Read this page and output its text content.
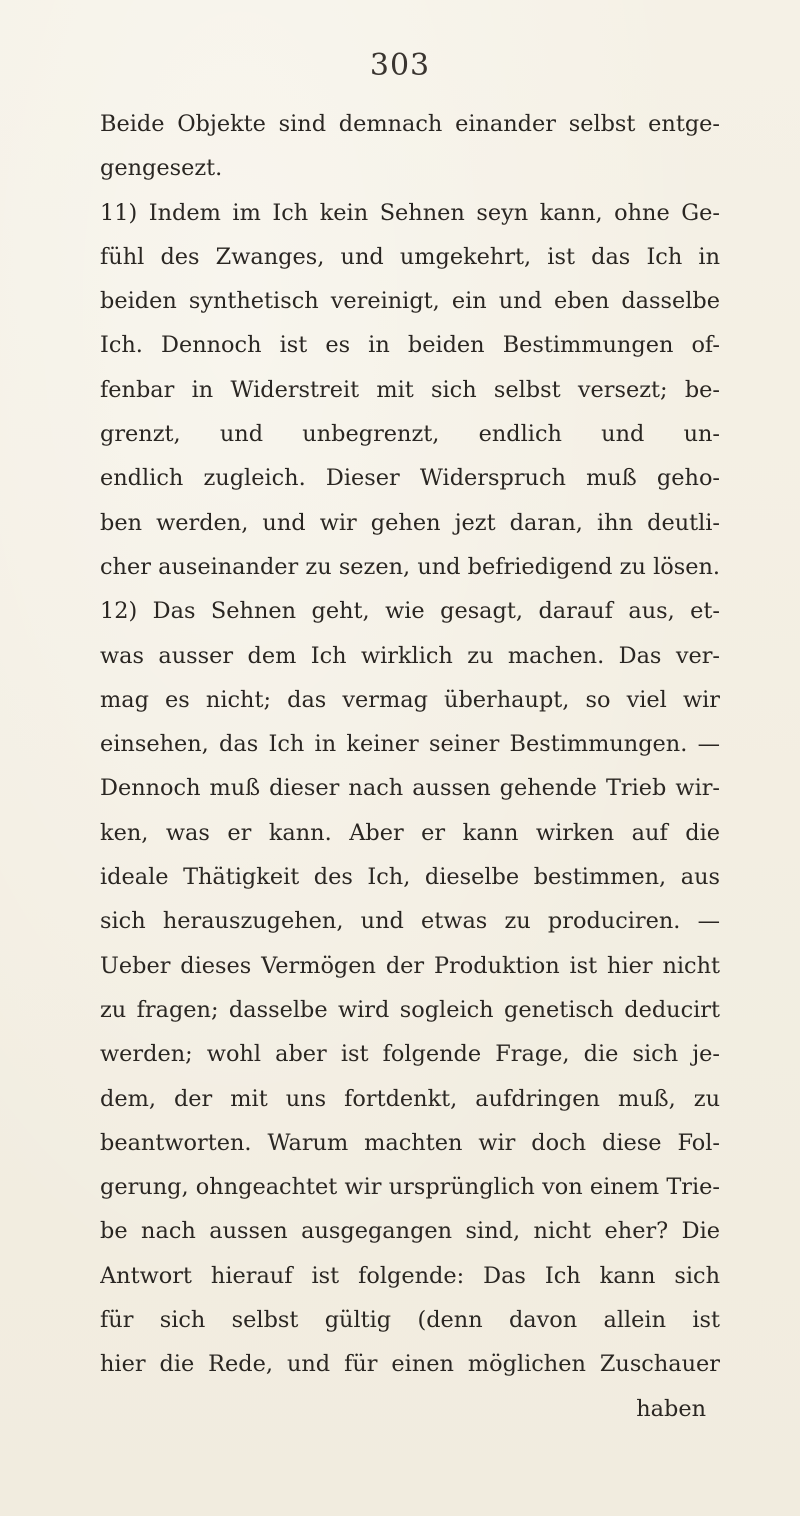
303
Beide Objekte sind demnach einander selbst entge-
gengesezt.
11) Indem im Ich kein Sehnen seyn kann, ohne Ge-
fühl des Zwanges, und umgekehrt, ist das Ich in
beiden synthetisch vereinigt, ein und eben dasselbe
Ich. Dennoch ist es in beiden Bestimmungen of-
fenbar in Widerstreit mit sich selbst versezt; be-
grenzt, und unbegrenzt, endlich und un-
endlich zugleich. Dieser Widerspruch muß geho-
ben werden, und wir gehen jezt daran, ihn deutli-
cher auseinander zu sezen, und befriedigend zu lösen.
12) Das Sehnen geht, wie gesagt, darauf aus, et-
was ausser dem Ich wirklich zu machen. Das ver-
mag es nicht; das vermag überhaupt, so viel wir
einsehen, das Ich in keiner seiner Bestimmungen. —
Dennoch muß dieser nach aussen gehende Trieb wir-
ken, was er kann. Aber er kann wirken auf die
ideale Thätigkeit des Ich, dieselbe bestimmen, aus
sich herauszugehen, und etwas zu produciren. —
Ueber dieses Vermögen der Produktion ist hier nicht
zu fragen; dasselbe wird sogleich genetisch deducirt
werden; wohl aber ist folgende Frage, die sich je-
dem, der mit uns fortdenkt, aufdringen muß, zu
beantworten. Warum machten wir doch diese Fol-
gerung, ohngeachtet wir ursprünglich von einem Trie-
be nach aussen ausgegangen sind, nicht eher? Die
Antwort hierauf ist folgende: Das Ich kann sich
für sich selbst gültig (denn davon allein ist
hier die Rede, und für einen möglichen Zuschauer
haben
